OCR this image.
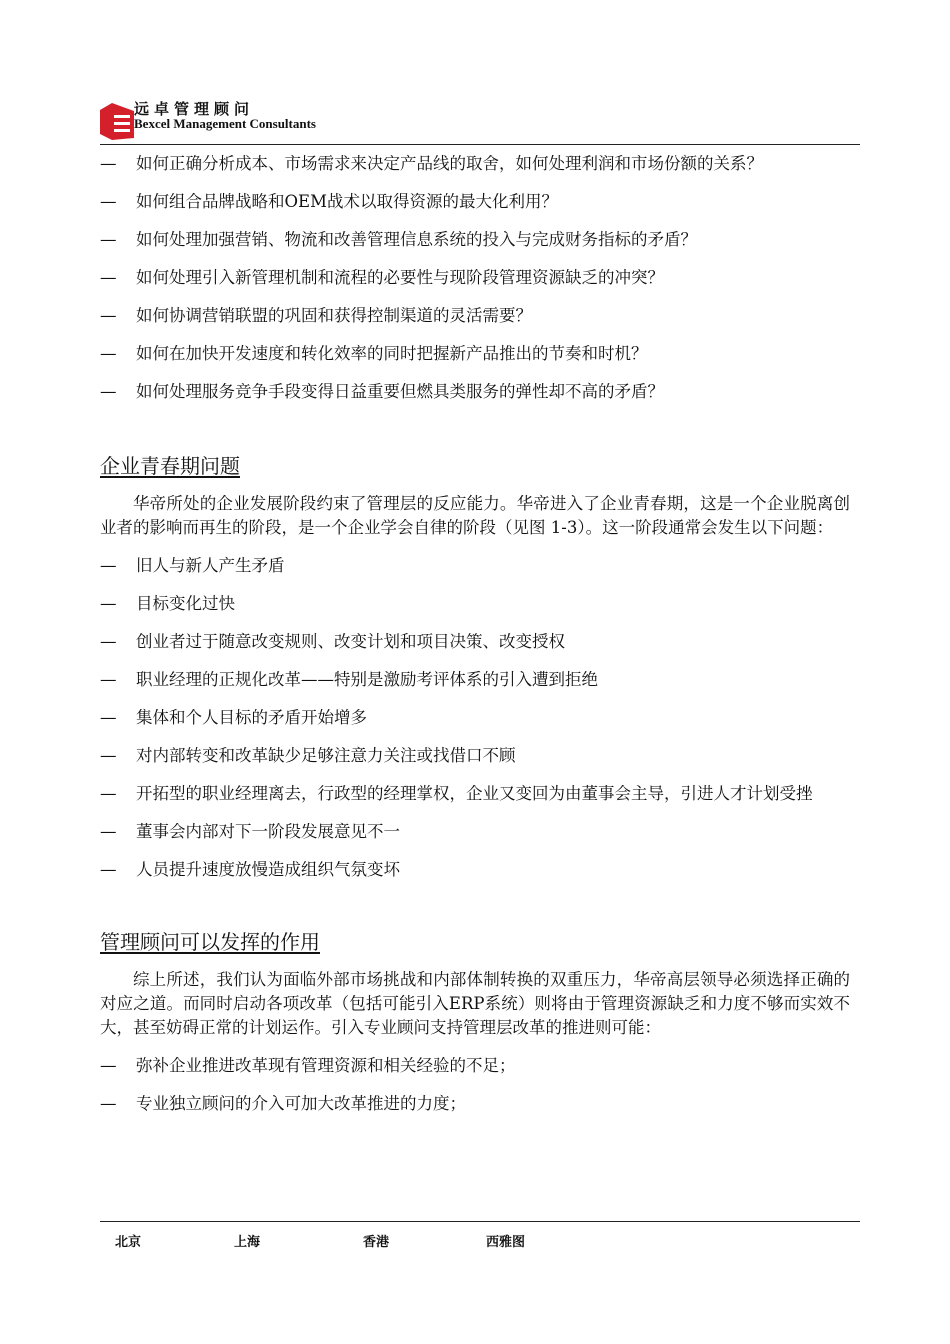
远卓管理顾问
Bexcel Management Consultants
— 如何正确分析成本、市场需求来决定产品线的取舍，如何处理利润和市场份额的关系？
— 如何组合品牌战略和OEM战术以取得资源的最大化利用？
— 如何处理加强营销、物流和改善管理信息系统的投入与完成财务指标的矛盾？
— 如何处理引入新管理机制和流程的必要性与现阶段管理资源缺乏的冲突？
— 如何协调营销联盟的巩固和获得控制渠道的灵活需要？
— 如何在加快开发速度和转化效率的同时把握新产品推出的节奏和时机？
— 如何处理服务竞争手段变得日益重要但燃具类服务的弹性却不高的矛盾？
企业青春期问题
华帝所处的企业发展阶段约束了管理层的反应能力。华帝进入了企业青春期，这是一个企业脱离创业者的影响而再生的阶段，是一个企业学会自律的阶段（见图 1-3）。这一阶段通常会发生以下问题：
— 旧人与新人产生矛盾
— 目标变化过快
— 创业者过于随意改变规则、改变计划和项目决策、改变授权
— 职业经理的正规化改革——特别是激励考评体系的引入遭到拒绝
— 集体和个人目标的矛盾开始增多
— 对内部转变和改革缺少足够注意力关注或找借口不顾
— 开拓型的职业经理离去，行政型的经理掌权，企业又变回为由董事会主导，引进人才计划受挫
— 董事会内部对下一阶段发展意见不一
— 人员提升速度放慢造成组织气氛变坏
管理顾问可以发挥的作用
综上所述，我们认为面临外部市场挑战和内部体制转换的双重压力，华帝高层领导必须选择正确的对应之道。而同时启动各项改革（包括可能引入ERP系统）则将由于管理资源缺乏和力度不够而实效不大，甚至妨碍正常的计划运作。引入专业顾问支持管理层改革的推进则可能：
— 弥补企业推进改革现有管理资源和相关经验的不足；
— 专业独立顾问的介入可加大改革推进的力度；
北京	上海	香港	西雅图
